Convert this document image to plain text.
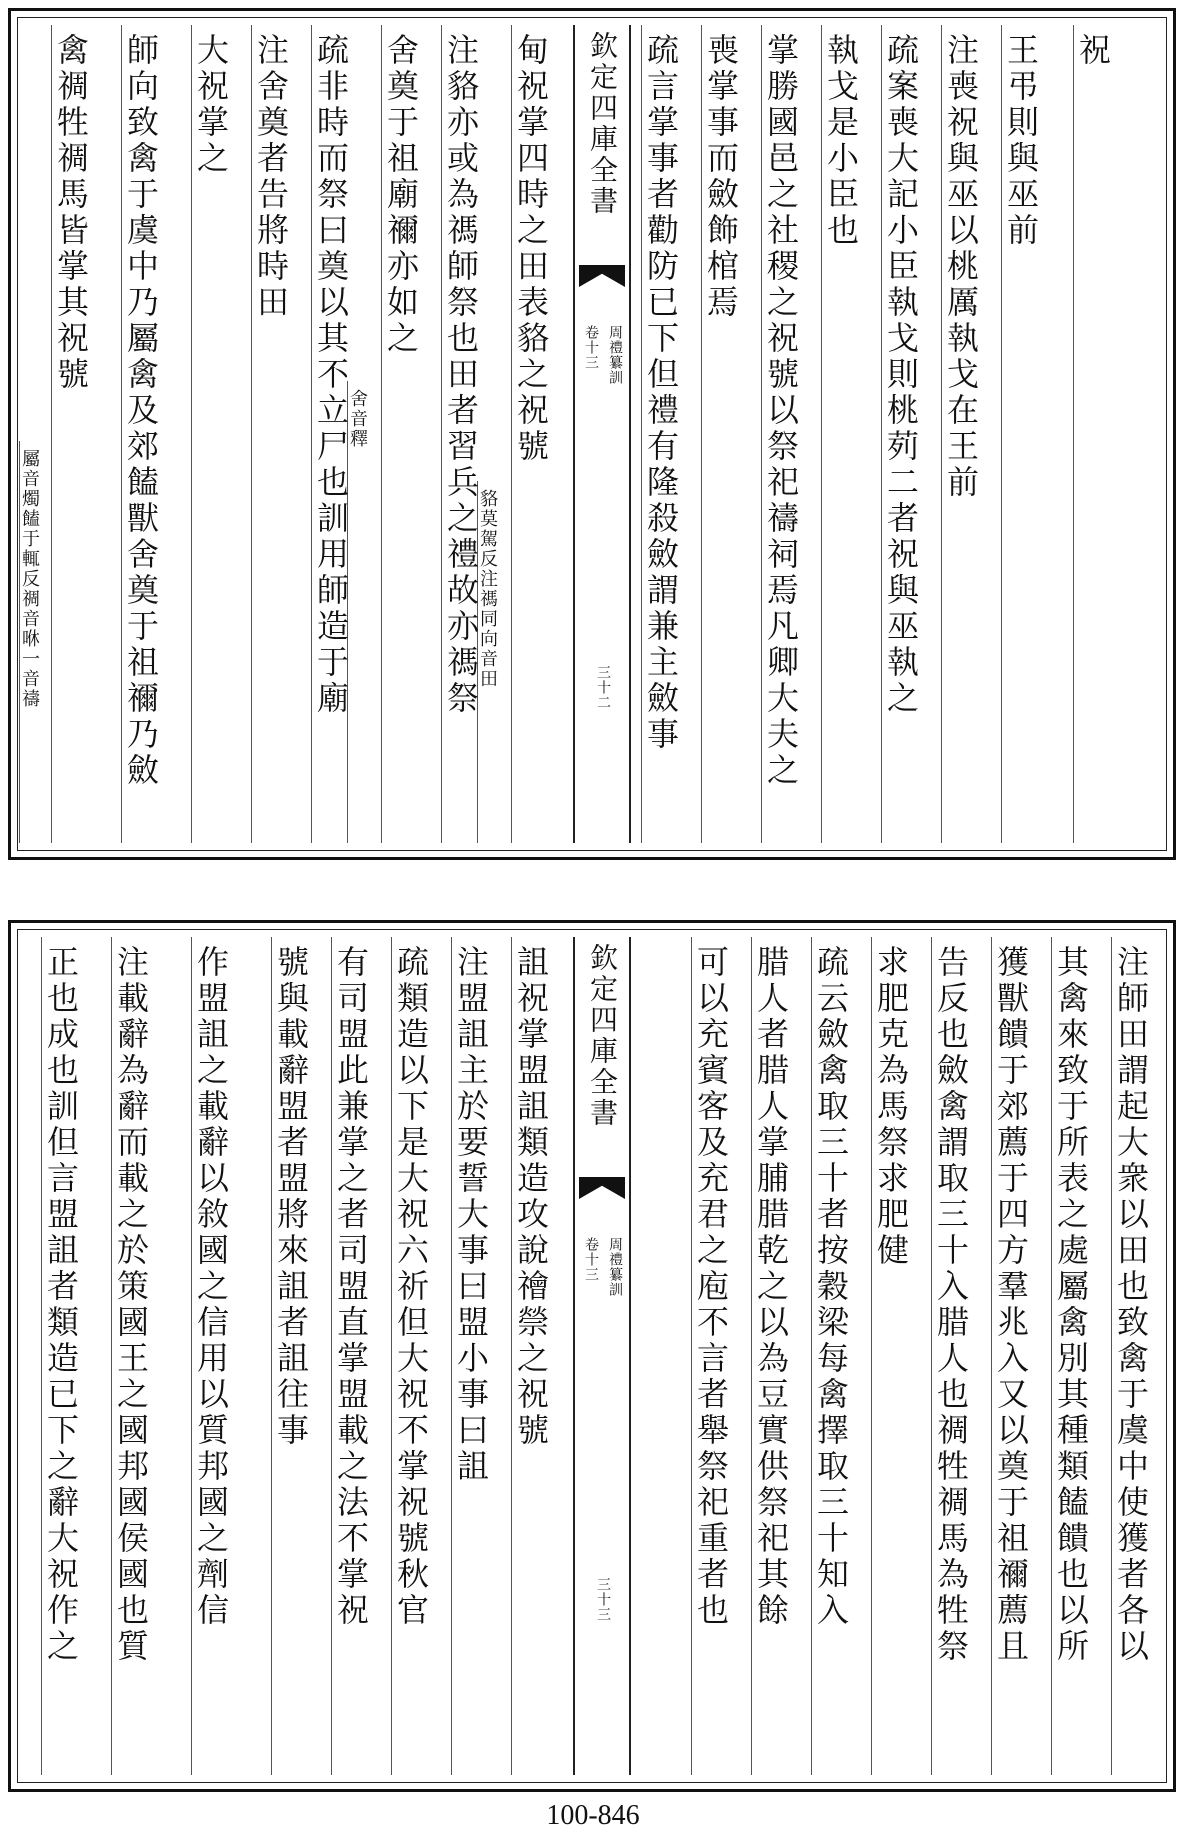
祝
王弔則與巫前
注喪祝與巫以桃厲執戈在王前
疏案喪大記小臣執戈則桃茢二者祝與巫執之
執戈是小臣也
掌勝國邑之社稷之祝號以祭祀禱祠焉凡卿大夫之
喪掌事而斂飾棺焉
疏言掌事者勸防已下但禮有隆殺斂謂兼主斂事
欽定四庫全書
卷十三 周禮纂訓
三十二
甸祝掌四時之田表貉之祝號
貉莫駕反注禡同向音田
注貉亦或為禡師祭也田者習兵之禮故亦禡祭
舍奠于祖廟禰亦如之
舍音釋
疏非時而祭曰奠以其不立尸也訓用師造于廟
注舍奠者告將時田
大祝掌之
師向致禽于虞中乃屬禽及郊饁獸舍奠于祖禰乃斂
禽禂牲禂馬皆掌其祝號
屬音燭饁于輒反禂音咻一音禱
注師田謂起大衆以田也致禽于虞中使獲者各以
其禽來致于所表之處屬禽別其種類饁饋也以所
獲獸饋于郊薦于四方羣兆入又以奠于祖禰薦且
告反也斂禽謂取三十入腊人也禂牲禂馬為牲祭
求肥克為馬祭求肥健
疏云斂禽取三十者按穀梁每禽擇取三十知入
腊人者腊人掌脯腊乾之以為豆實供祭祀其餘
可以充賓客及充君之庖不言者舉祭祀重者也
欽定四庫全書
卷十三 周禮纂訓
三十三
詛祝掌盟詛類造攻說禬禜之祝號
注盟詛主於要誓大事曰盟小事曰詛
疏類造以下是大祝六祈但大祝不掌祝號秋官
有司盟此兼掌之者司盟直掌盟載之法不掌祝
號與載辭盟者盟將來詛者詛往事
作盟詛之載辭以敘國之信用以質邦國之劑信
注載辭為辭而載之於策國王之國邦國侯國也質
正也成也訓但言盟詛者類造已下之辭大祝作之
100-846
